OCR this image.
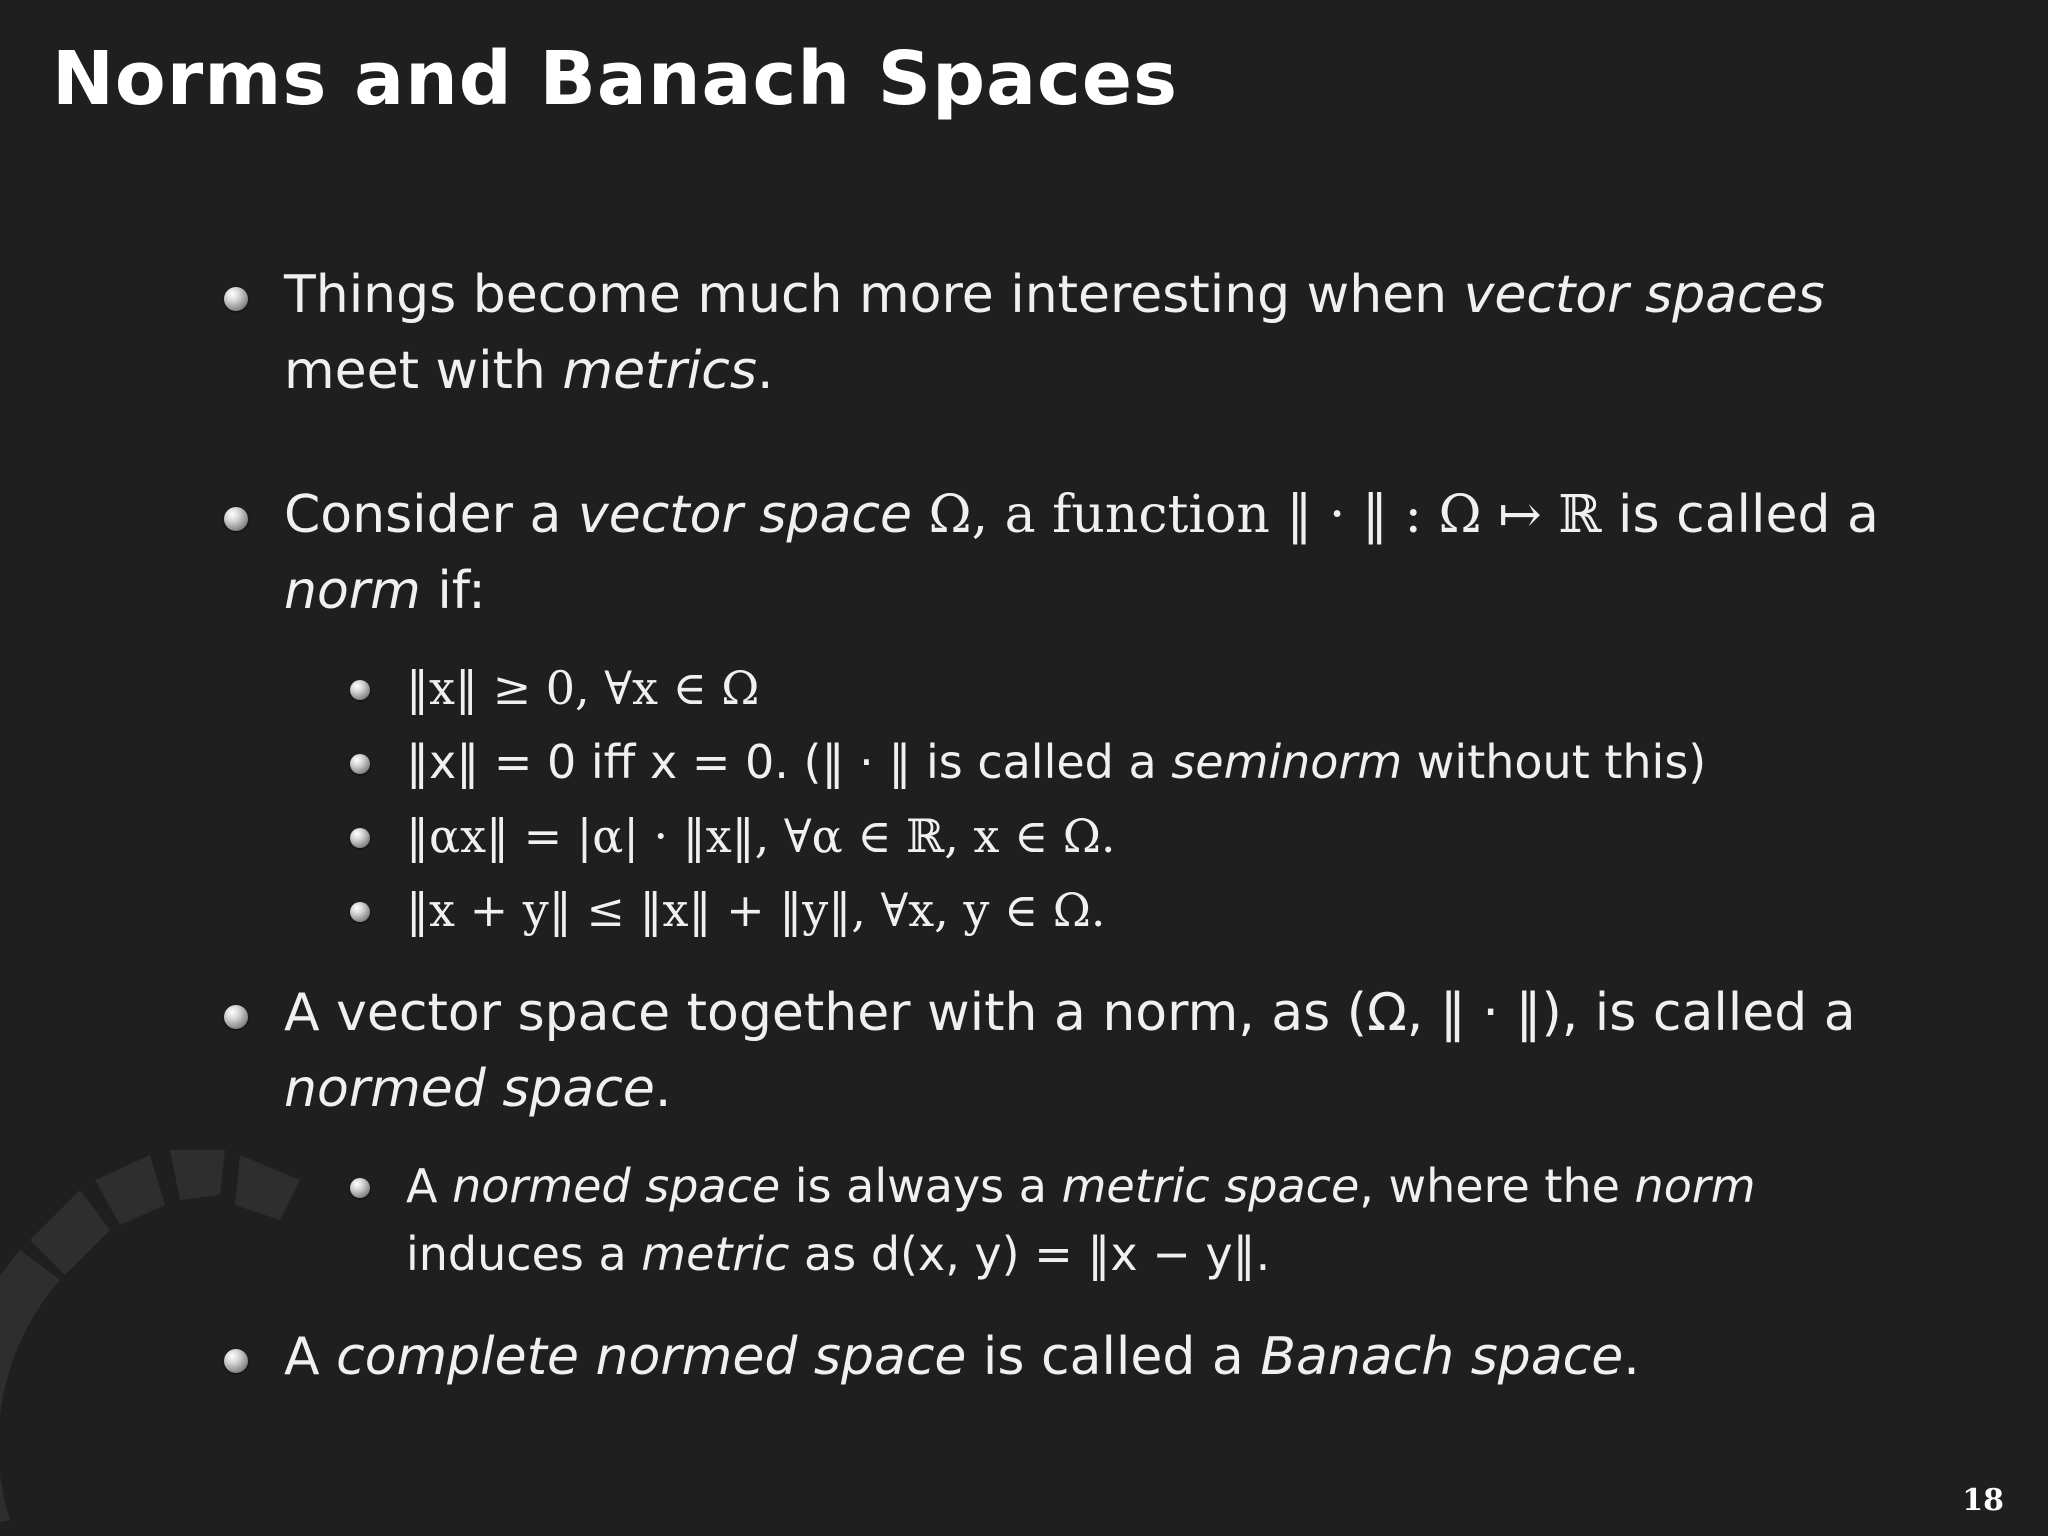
Norms and Banach Spaces
Things become much more interesting when vector spaces
meet with metrics.
Consider a vector space Ω, a function ‖ · ‖ : Ω ↦ ℝ is called a
norm if:
‖x‖ ≥ 0, ∀x ∈ Ω
‖x‖ = 0 iff x = 0. (‖ · ‖ is called a seminorm without this)
‖αx‖ = |α| · ‖x‖, ∀α ∈ ℝ, x ∈ Ω.
‖x + y‖ ≤ ‖x‖ + ‖y‖, ∀x, y ∈ Ω.
A vector space together with a norm, as (Ω, ‖ · ‖), is called a
normed space.
A normed space is always a metric space, where the norm
induces a metric as d(x, y) = ‖x − y‖.
A complete normed space is called a Banach space.
18
